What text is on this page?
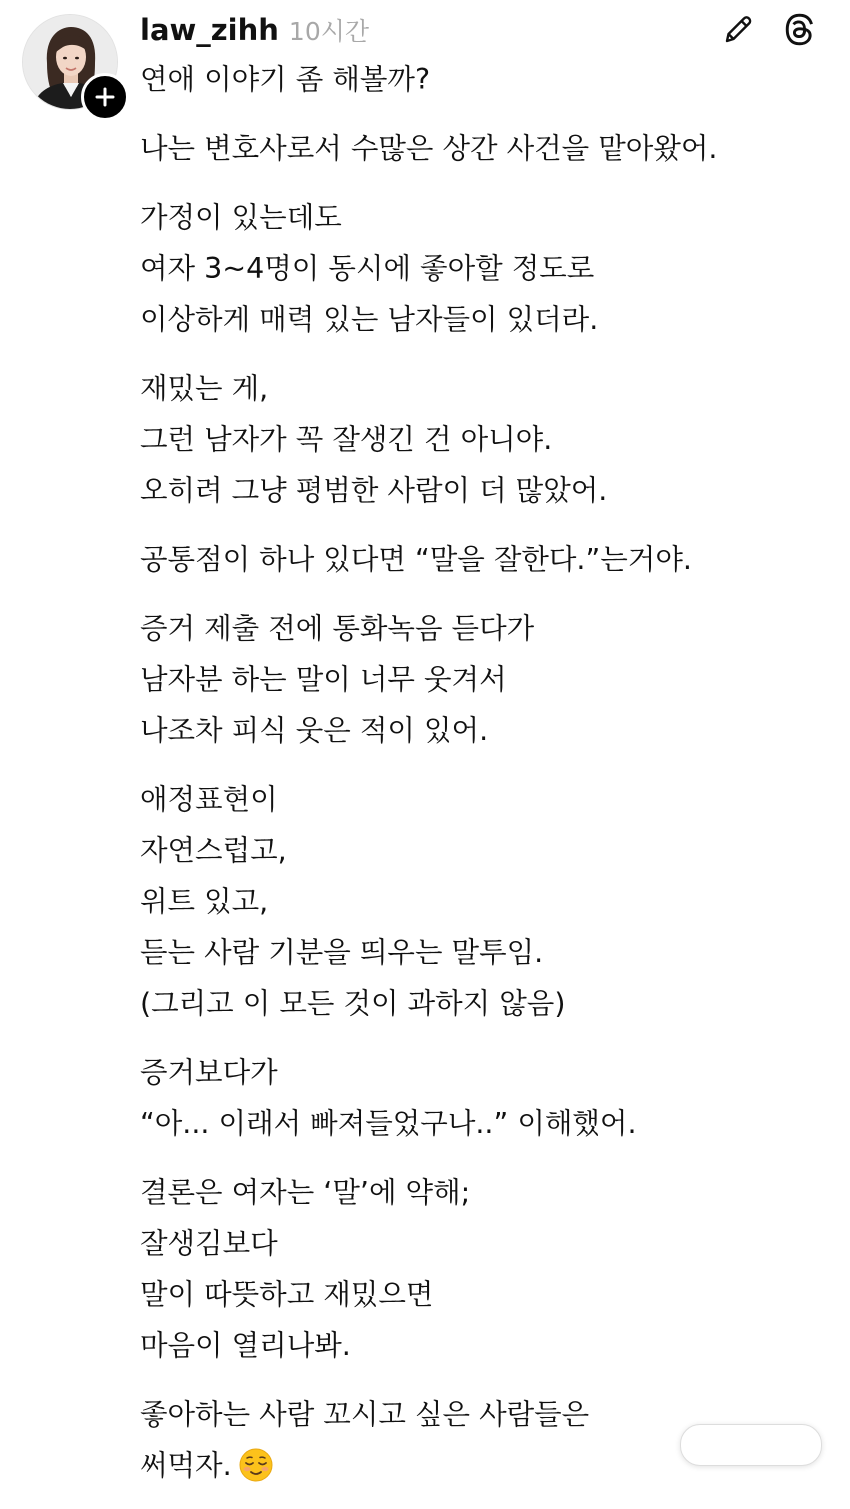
law_zihh 10시간
연애 이야기 좀 해볼까?
나는 변호사로서 수많은 상간 사건을 맡아왔어.
가정이 있는데도
여자 3~4명이 동시에 좋아할 정도로
이상하게 매력 있는 남자들이 있더라.
재밌는 게,
그런 남자가 꼭 잘생긴 건 아니야.
오히려 그냥 평범한 사람이 더 많았어.
공통점이 하나 있다면 “말을 잘한다.”는거야.
증거 제출 전에 통화녹음 듣다가
남자분 하는 말이 너무 웃겨서
나조차 피식 웃은 적이 있어.
애정표현이
자연스럽고,
위트 있고,
듣는 사람 기분을 띄우는 말투임.
(그리고 이 모든 것이 과하지 않음)
증거보다가
“아... 이래서 빠져들었구나..” 이해했어.
결론은 여자는 ‘말’에 약해;
잘생김보다
말이 따뜻하고 재밌으면
마음이 열리나봐.
좋아하는 사람 꼬시고 싶은 사람들은
써먹자.
